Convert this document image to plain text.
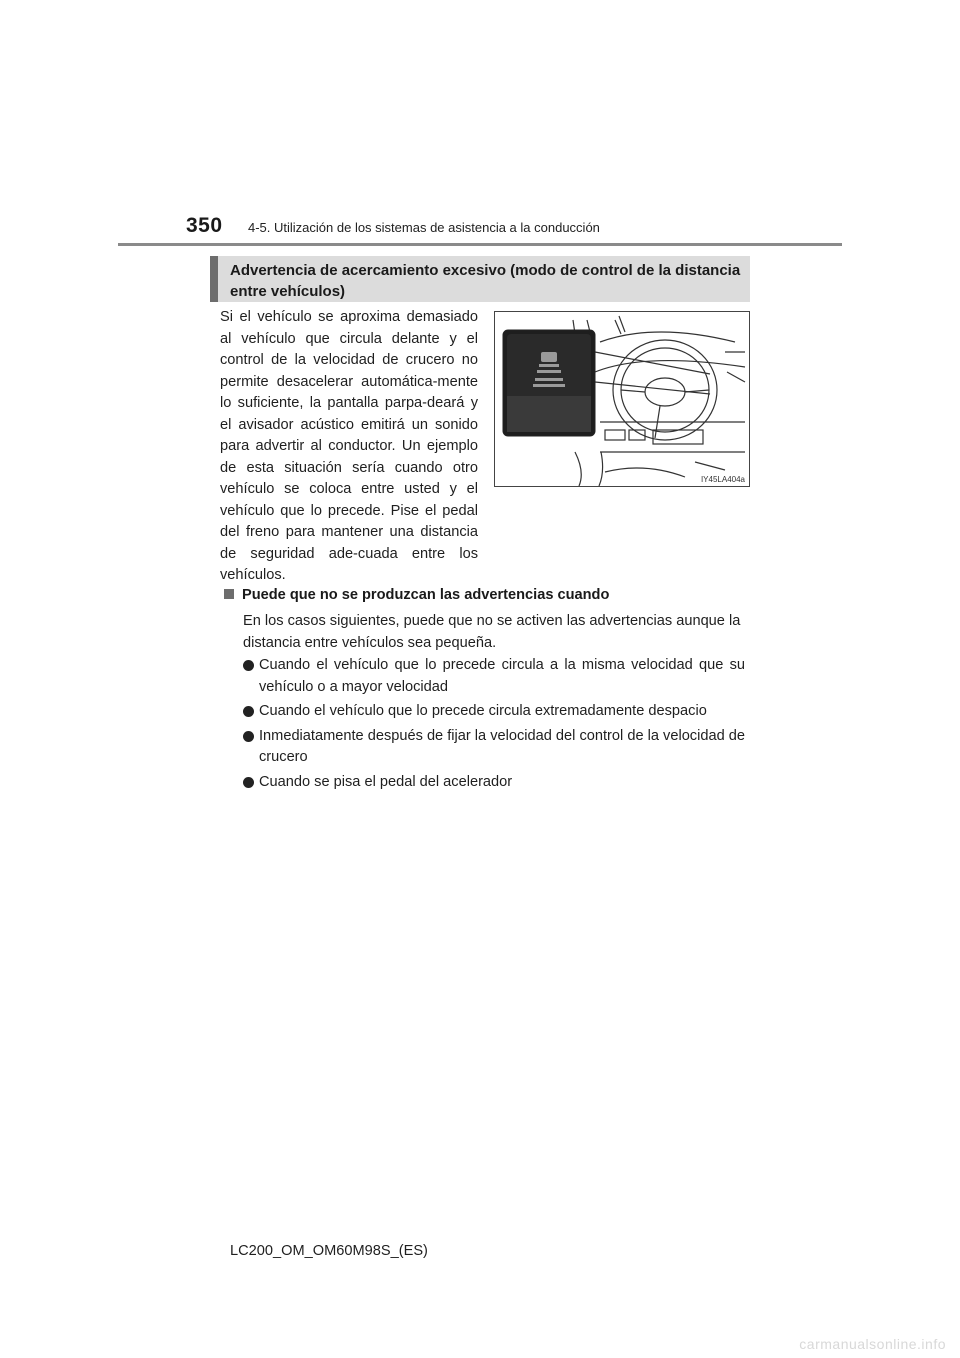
350 4-5. Utilización de los sistemas de asistencia a la conducción
Advertencia de acercamiento excesivo (modo de control de la distancia entre vehículos)
Si el vehículo se aproxima demasiado al vehículo que circula delante y el control de la velocidad de crucero no permite desacelerar automática-mente lo suficiente, la pantalla parpa-deará y el avisador acústico emitirá un sonido para advertir al conductor. Un ejemplo de esta situación sería cuando otro vehículo se coloca entre usted y el vehículo que lo precede. Pise el pedal del freno para mantener una distancia de seguridad ade-cuada entre los vehículos.
IY45LA404a
Puede que no se produzcan las advertencias cuando
En los casos siguientes, puede que no se activen las advertencias aunque la distancia entre vehículos sea pequeña.
Cuando el vehículo que lo precede circula a la misma velocidad que su vehículo o a mayor velocidad
Cuando el vehículo que lo precede circula extremadamente despacio
Inmediatamente después de fijar la velocidad del control de la velocidad de crucero
Cuando se pisa el pedal del acelerador
LC200_OM_OM60M98S_(ES)
carmanualsonline.info
